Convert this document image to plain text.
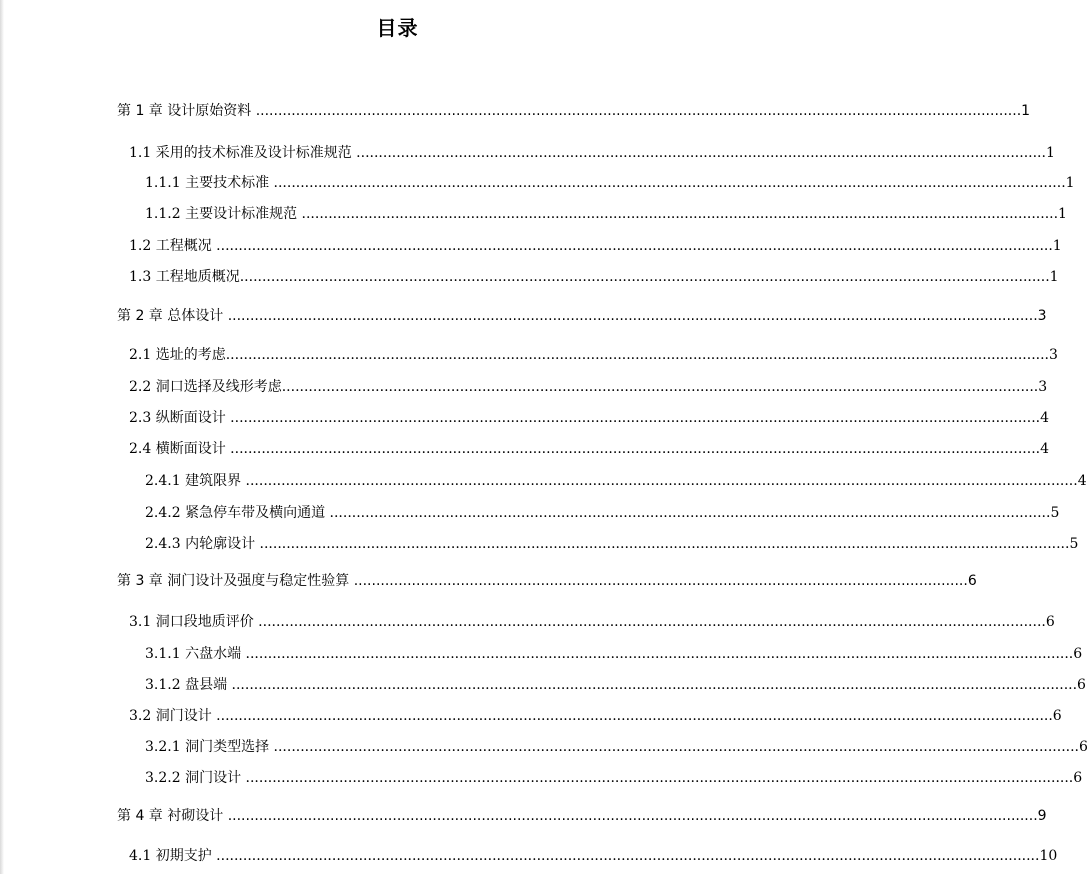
目录
第 1 章 设计原始资料 ............................................................................................................................................................................1
1.1 采用的技术标准及设计标准规范 ...........................................................................................................................................................1
1.1.1 主要技术标准 ..................................................................................................................................................................................1
1.1.2 主要设计标准规范 ..........................................................................................................................................................................1
1.2 工程概况 ............................................................................................................................................................................................1
1.3 工程地质概况......................................................................................................................................................................................1
第 2 章 总体设计 ......................................................................................................................................................................................3
2.1 选址的考虑.........................................................................................................................................................................................3
2.2 洞口选择及线形考虑..........................................................................................................................................................................3
2.3 纵断面设计 ......................................................................................................................................................................................4
2.4 横断面设计 ......................................................................................................................................................................................4
2.4.1 建筑限界 ...........................................................................................................................................................................................4
2.4.2 紧急停车带及横向通道 ..................................................................................................................................................................5
2.4.3 内轮廓设计 ......................................................................................................................................................................................5
第 3 章 洞门设计及强度与稳定性验算 ..........................................................................................................................................6
3.1 洞口段地质评价 .................................................................................................................................................................................6
3.1.1 六盘水端 ..........................................................................................................................................................................................6
3.1.2 盘县端 ..............................................................................................................................................................................................6
3.2 洞门设计 ............................................................................................................................................................................................6
3.2.1 洞门类型选择 .....................................................................................................................................................................................6
3.2.2 洞门设计 ..........................................................................................................................................................................................6
第 4 章 衬砌设计 ......................................................................................................................................................................................9
4.1 初期支护 .........................................................................................................................................................................................10
